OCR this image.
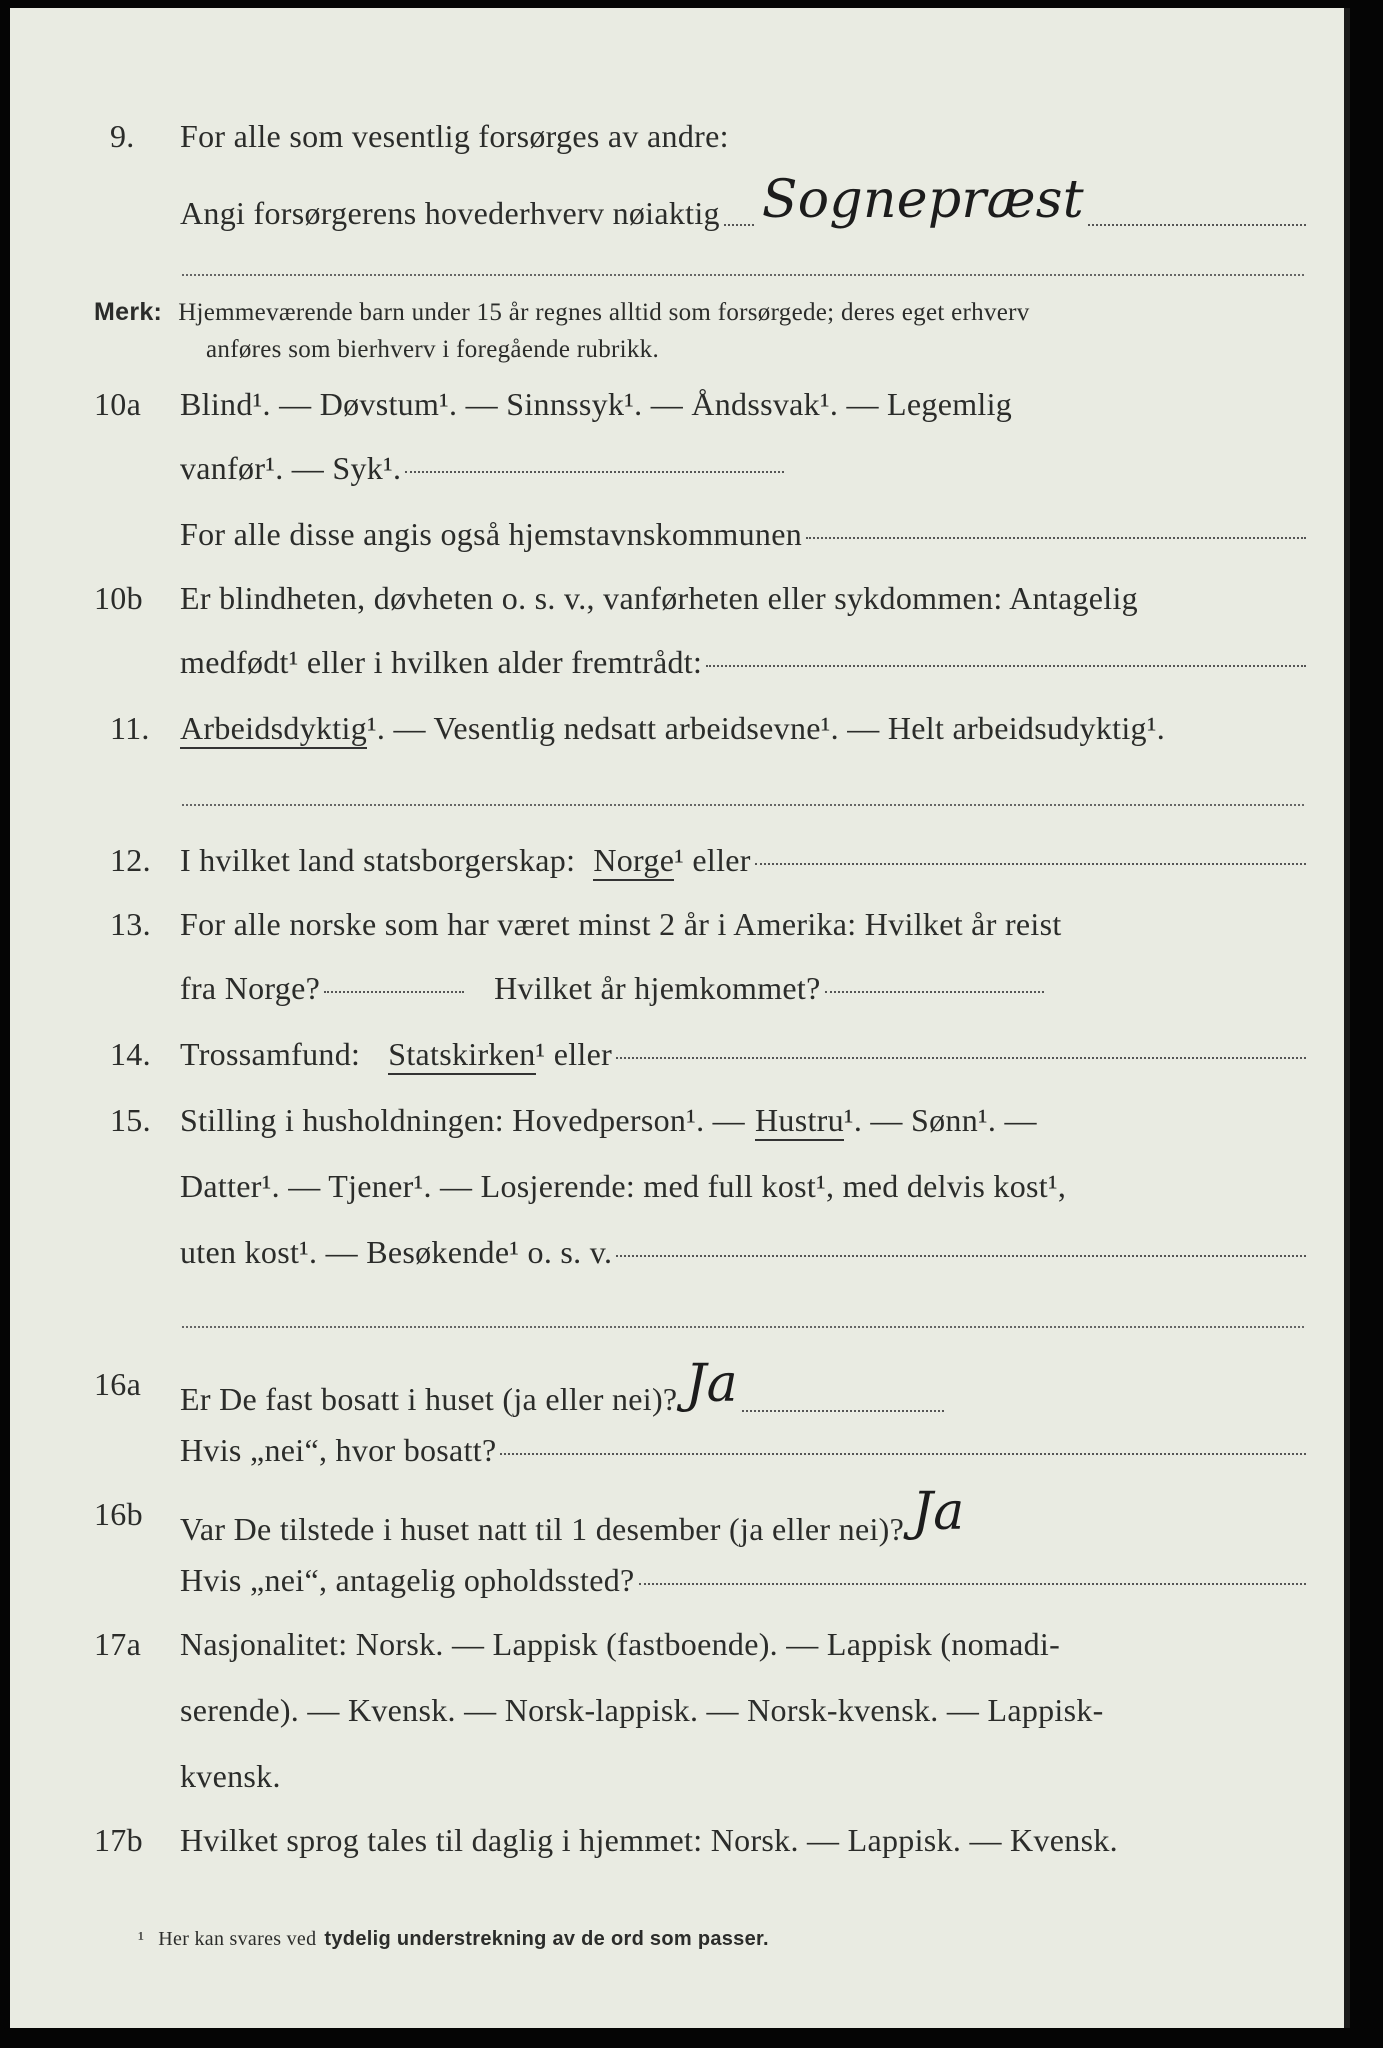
9.	For alle som vesentlig forsørges av andre:
Angi forsørgerens hovederhverv nøiaktig Sognepræst
Merk: Hjemmeværende barn under 15 år regnes alltid som forsørgede; deres eget erhverv
anføres som bierhverv i foregående rubrikk.
10a	Blind¹. — Døvstum¹. — Sinnssyk¹. — Åndssvak¹. — Legemlig
vanfør¹. — Syk¹.
For alle disse angis også hjemstavnskommunen
10b	Er blindheten, døvheten o. s. v., vanførheten eller sykdommen: Antagelig
medfødt¹ eller i hvilken alder fremtrådt:
11. Arbeidsdyktig ¹. — Vesentlig nedsatt arbeidsevne¹. — Helt arbeidsudyktig¹.
12. I hvilket land statsborgerskap: Norge ¹ eller
13. For alle norske som har været minst 2 år i Amerika: Hvilket år reist
fra Norge?	Hvilket år hjemkommet?
14. Trossamfund: Statskirken ¹ eller
15. Stilling i husholdningen: Hovedperson¹. — Hustru ¹. — Sønn¹. —
Datter¹. — Tjener¹. — Losjerende: med full kost¹, med delvis kost¹,
uten kost¹. — Besøkende¹ o. s. v.
16a	Er De fast bosatt i huset (ja eller nei)? Ja
Hvis „nei“, hvor bosatt?
16b	Var De tilstede i huset natt til 1 desember (ja eller nei)? Ja
Hvis „nei“, antagelig opholdssted?
17a	Nasjonalitet: Norsk. — Lappisk (fastboende). — Lappisk (nomadi-
serende). — Kvensk. — Norsk-lappisk. — Norsk-kvensk. — Lappisk-
kvensk.
17b	Hvilket sprog tales til daglig i hjemmet: Norsk. — Lappisk. — Kvensk.
¹ Her kan svares ved tydelig understrekning av de ord som passer.
